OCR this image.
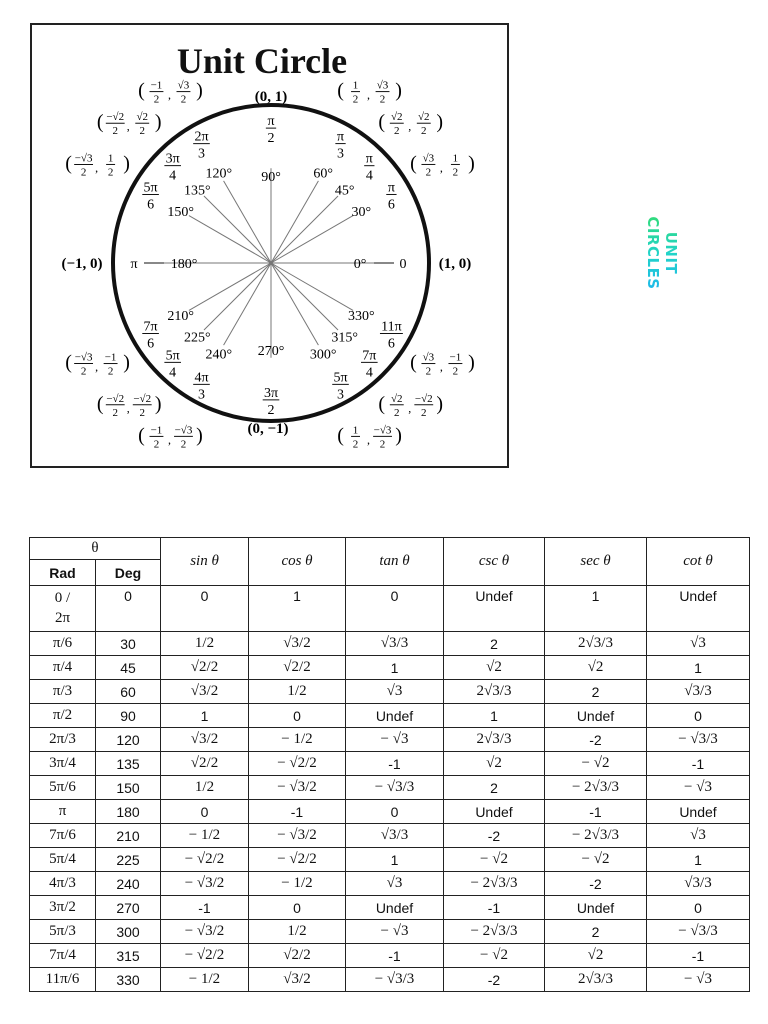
Unit Circle
30°
π
6
( √3
2 ,
1
2 )
45°
π
4
( √2
2 ,
√2
2 )
60°
π
3
( 1
2 ,
√3
2 )
90°
π
2
120°
2π
3
( −1
2 ,
√3
2 )
135°
3π
4
( −√2
2 ,
√2
2 )
150°
5π
6
( −√3
2 ,
1
2 )
210°
7π
6
( −√3
2 ,
−1
2 )
225°
5π
4
( −√2
2 ,
−√2
2 )
240°
4π
3
( −1
2 ,
−√3
2 )
270°
3π
2
300°
5π
3
( 1
2 ,
−√3
2 )
315°
7π
4
( √2
2 ,
−√2
2 )
330°
11π
6
( √3
2 ,
−1
2 )
(0, 1)
(0, −1)
(−1, 0)	(1, 0)
0° 0
π 180°	UNIT CIRCLES
θ		sin θ	cos θ	tan θ	csc θ	sec θ	cot θ
Rad	Deg						
0 /
2π	0	0	1	0	Undef	1	Undef
π/6	30	1/2	√3/2	√3/3	2	2√3/3	√3
π/4	45	√2/2	√2/2	1	√2	√2	1
π/3	60	√3/2	1/2	√3	2√3/3	2	√3/3
π/2	90	1	0	Undef	1	Undef	0
2π/3	120	√3/2	− 1/2	− √3	2√3/3	-2	− √3/3
3π/4	135	√2/2	− √2/2	-1	√2	− √2	-1
5π/6	150	1/2	− √3/2	− √3/3	2	− 2√3/3	− √3
π	180	0	-1	0	Undef	-1	Undef
7π/6	210	− 1/2	− √3/2	√3/3	-2	− 2√3/3	√3
5π/4	225	− √2/2	− √2/2	1	− √2	− √2	1
4π/3	240	− √3/2	− 1/2	√3	− 2√3/3	-2	√3/3
3π/2	270	-1	0	Undef	-1	Undef	0
5π/3	300	− √3/2	1/2	− √3	− 2√3/3	2	− √3/3
7π/4	315	− √2/2	√2/2	-1	− √2	√2	-1
11π/6	330	− 1/2	√3/2	− √3/3	-2	2√3/3	− √3
